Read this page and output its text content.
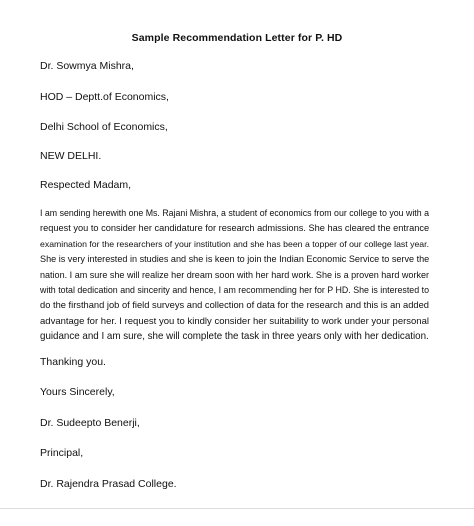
Sample Recommendation Letter for P. HD
Dr. Sowmya Mishra,
HOD – Deptt.of Economics,
Delhi School of Economics,
NEW DELHI.
Respected Madam,
I am sending herewith one Ms. Rajani Mishra, a student of economics from our college to you with a
request you to consider her candidature for research admissions. She has cleared the entrance
examination for the researchers of your institution and she has been a topper of our college last year.
She is very interested in studies and she is keen to join the Indian Economic Service to serve the
nation. I am sure she will realize her dream soon with her hard work. She is a proven hard worker
with total dedication and sincerity and hence, I am recommending her for P HD. She is interested to
do the firsthand job of field surveys and collection of data for the research and this is an added
advantage for her. I request you to kindly consider her suitability to work under your personal
guidance and I am sure, she will complete the task in three years only with her dedication.
Thanking you.
Yours Sincerely,
Dr. Sudeepto Benerji,
Principal,
Dr. Rajendra Prasad College.
